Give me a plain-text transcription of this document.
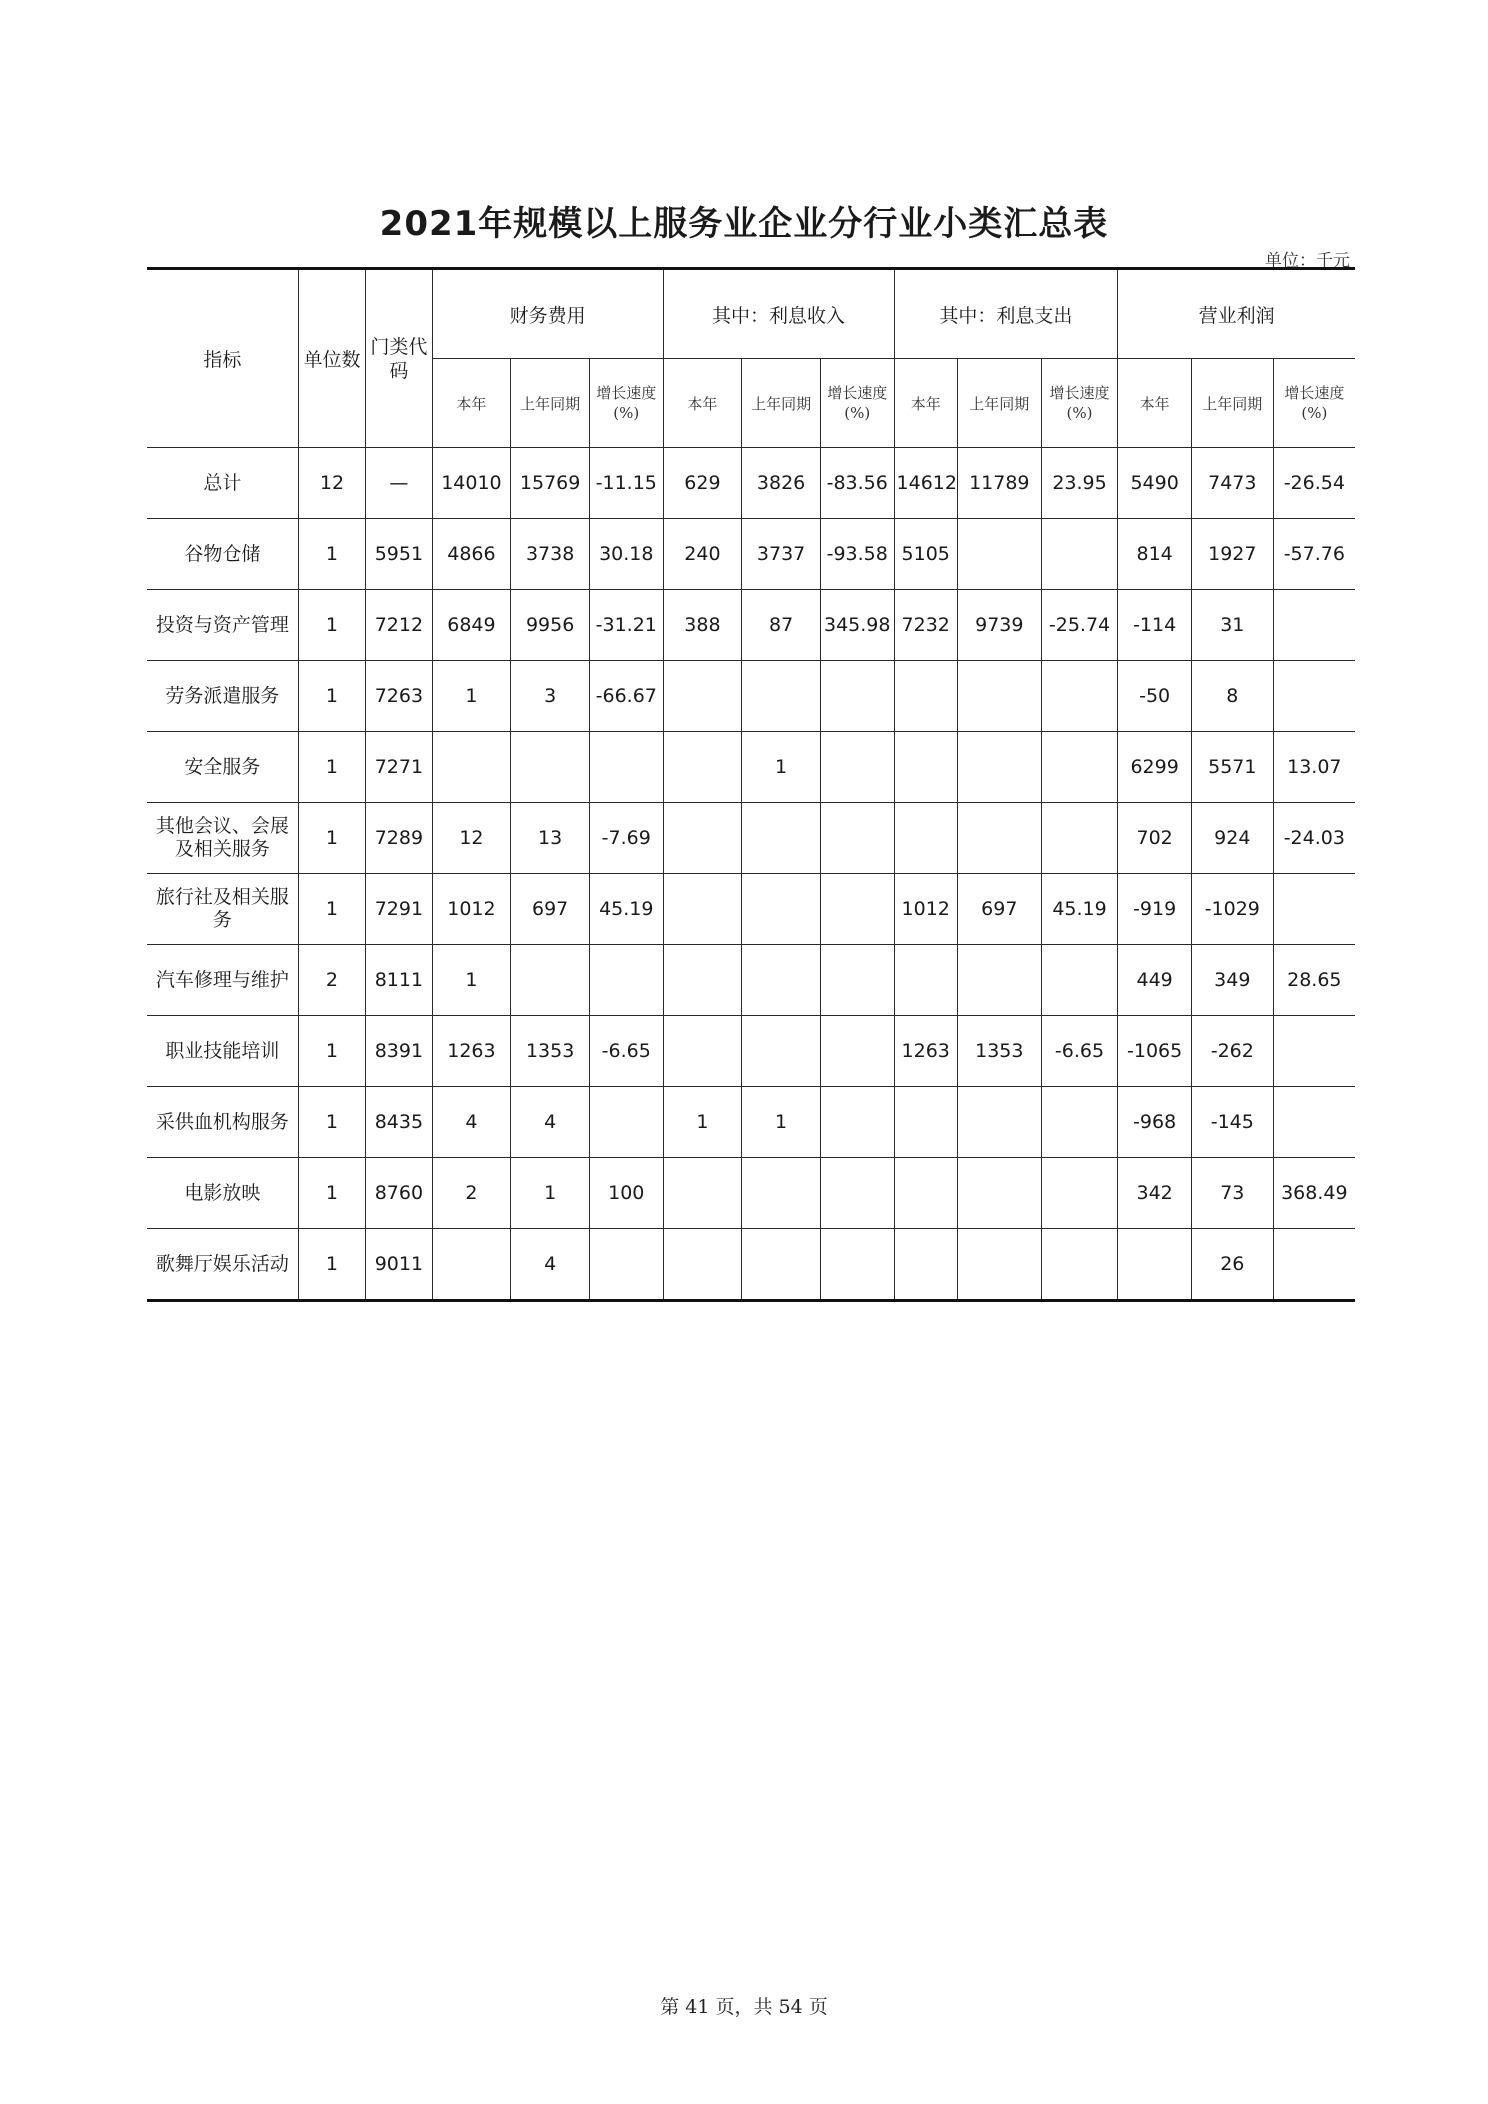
2021年规模以上服务业企业分行业小类汇总表
单位：千元
指标	单位数	门类代码	财务费用			其中：利息收入			其中：利息支出			营业利润		
			本年	上年同期	增长速度(%)	本年	上年同期	增长速度(%)	本年	上年同期	增长速度(%)	本年	上年同期	增长速度(%)
总计	12	—	14010	15769	-11.15	629	3826	-83.56	14612	11789	23.95	5490	7473	-26.54
谷物仓储	1	5951	4866	3738	30.18	240	3737	-93.58	5105			814	1927	-57.76
投资与资产管理	1	7212	6849	9956	-31.21	388	87	345.98	7232	9739	-25.74	-114	31	
劳务派遣服务	1	7263	1	3	-66.67							-50	8	
安全服务	1	7271					1					6299	5571	13.07
其他会议、会展及相关服务	1	7289	12	13	-7.69							702	924	-24.03
旅行社及相关服务	1	7291	1012	697	45.19				1012	697	45.19	-919	-1029	
汽车修理与维护	2	8111	1									449	349	28.65
职业技能培训	1	8391	1263	1353	-6.65				1263	1353	-6.65	-1065	-262	
采供血机构服务	1	8435	4	4		1	1					-968	-145	
电影放映	1	8760	2	1	100							342	73	368.49
歌舞厅娱乐活动	1	9011		4									26	
第 41 页，共 54 页
